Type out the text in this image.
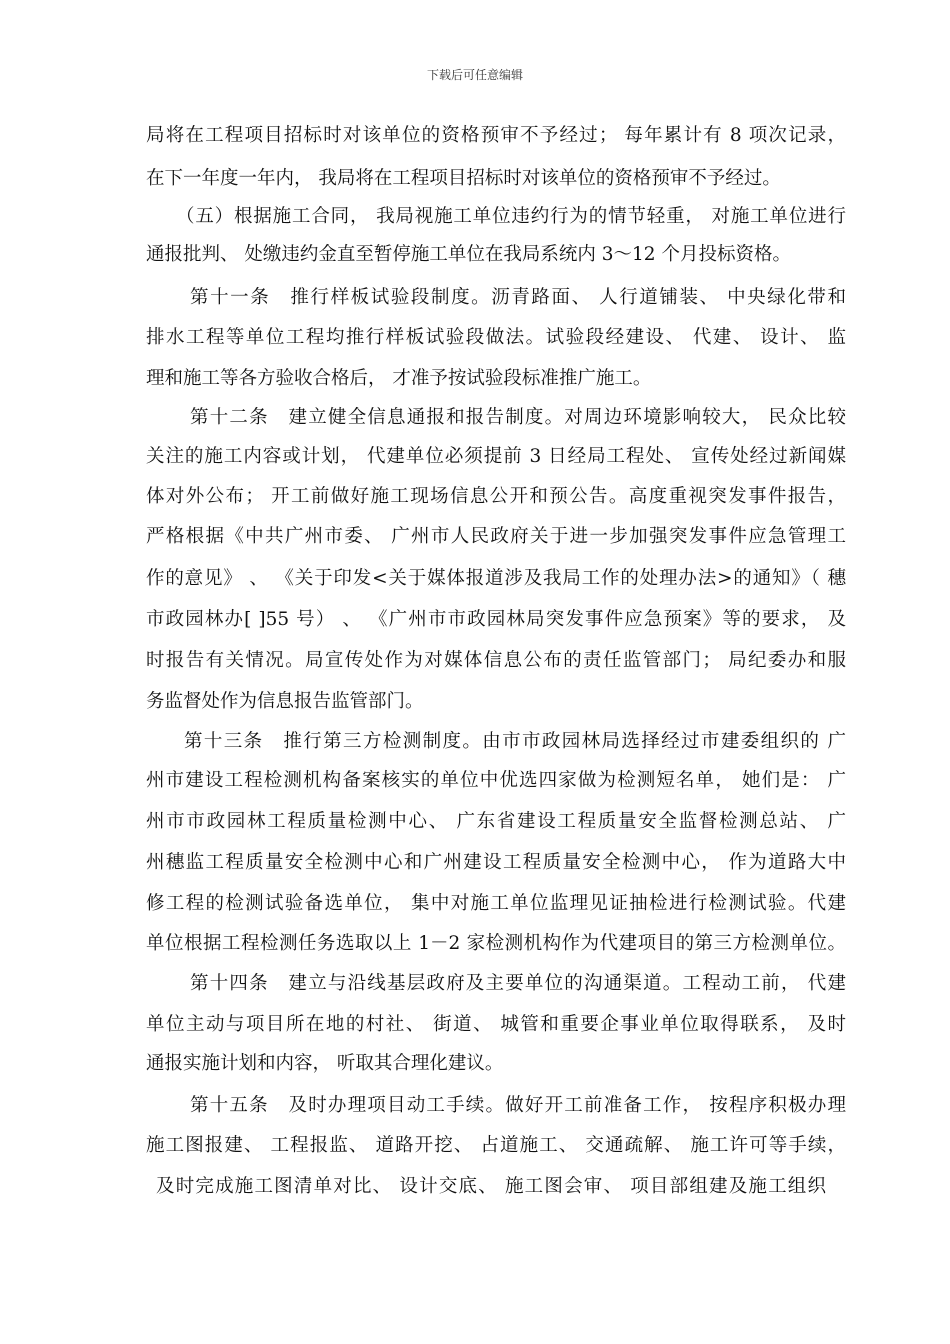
下载后可任意编辑
局将在工程项目招标时对该单位的资格预审不予经过； 每年累计有 8 项次记录，
在下一年度一年内， 我局将在工程项目招标时对该单位的资格预审不予经过。
（五）根据施工合同， 我局视施工单位违约行为的情节轻重， 对施工单位进行
通报批判、 处缴违约金直至暂停施工单位在我局系统内 3～12 个月投标资格。
第十一条　推行样板试验段制度。沥青路面、 人行道铺装、 中央绿化带和
排水工程等单位工程均推行样板试验段做法。试验段经建设、 代建、 设计、 监
理和施工等各方验收合格后， 才准予按试验段标准推广施工。
第十二条　建立健全信息通报和报告制度。对周边环境影响较大， 民众比较
关注的施工内容或计划， 代建单位必须提前 3 日经局工程处、 宣传处经过新闻媒
体对外公布； 开工前做好施工现场信息公开和预公告。高度重视突发事件报告，
严格根据《中共广州市委、 广州市人民政府关于进一步加强突发事件应急管理工
作的意见》 、 《关于印发<关于媒体报道涉及我局工作的处理办法>的通知》（ 穗
市政园林办[ ]55 号） 、 《广州市市政园林局突发事件应急预案》等的要求， 及
时报告有关情况。局宣传处作为对媒体信息公布的责任监管部门； 局纪委办和服
务监督处作为信息报告监管部门。
第十三条　推行第三方检测制度。由市市政园林局选择经过市建委组织的 广
州市建设工程检测机构备案核实的单位中优选四家做为检测短名单， 她们是： 广
州市市政园林工程质量检测中心、 广东省建设工程质量安全监督检测总站、 广
州穗监工程质量安全检测中心和广州建设工程质量安全检测中心， 作为道路大中
修工程的检测试验备选单位， 集中对施工单位监理见证抽检进行检测试验。代建
单位根据工程检测任务选取以上 1－2 家检测机构作为代建项目的第三方检测单位。
第十四条　建立与沿线基层政府及主要单位的沟通渠道。工程动工前， 代建
单位主动与项目所在地的村社、 街道、 城管和重要企事业单位取得联系， 及时
通报实施计划和内容， 听取其合理化建议。
第十五条　及时办理项目动工手续。做好开工前准备工作， 按程序积极办理
施工图报建、 工程报监、 道路开挖、 占道施工、 交通疏解、 施工许可等手续，
及时完成施工图清单对比、 设计交底、 施工图会审、 项目部组建及施工组织
